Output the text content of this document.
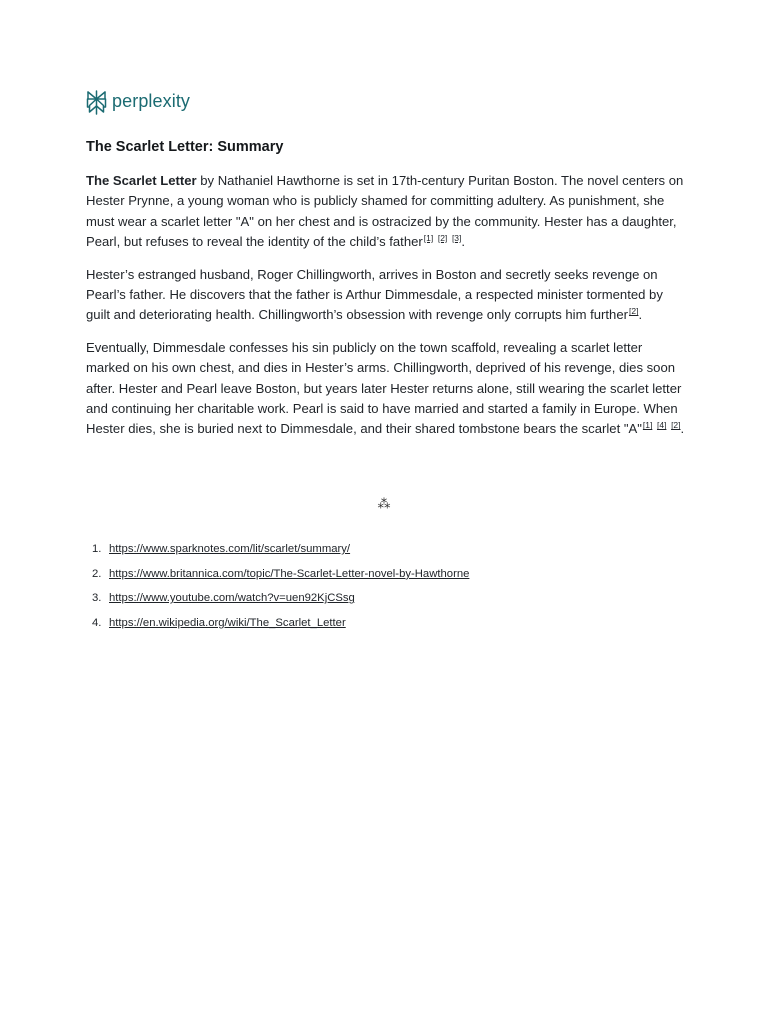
perplexity
The Scarlet Letter: Summary

The Scarlet Letter by Nathaniel Hawthorne is set in 17th-century Puritan Boston. The novel centers on Hester Prynne, a young woman who is publicly shamed for committing adultery. As punishment, she must wear a scarlet letter "A" on her chest and is ostracized by the community. Hester has a daughter, Pearl, but refuses to reveal the identity of the child’s father[1] [2] [3].

Hester’s estranged husband, Roger Chillingworth, arrives in Boston and secretly seeks revenge on Pearl’s father. He discovers that the father is Arthur Dimmesdale, a respected minister tormented by guilt and deteriorating health. Chillingworth’s obsession with revenge only corrupts him further[2].

Eventually, Dimmesdale confesses his sin publicly on the town scaffold, revealing a scarlet letter marked on his own chest, and dies in Hester’s arms. Chillingworth, deprived of his revenge, dies soon after. Hester and Pearl leave Boston, but years later Hester returns alone, still wearing the scarlet letter and continuing her charitable work. Pearl is said to have married and started a family in Europe. When Hester dies, she is buried next to Dimmesdale, and their shared tombstone bears the scarlet "A"[1] [4] [2].

⁂
1. https://www.sparknotes.com/lit/scarlet/summary/
2. https://www.britannica.com/topic/The-Scarlet-Letter-novel-by-Hawthorne
3. https://www.youtube.com/watch?v=uen92KjCSsg
4. https://en.wikipedia.org/wiki/The_Scarlet_Letter
